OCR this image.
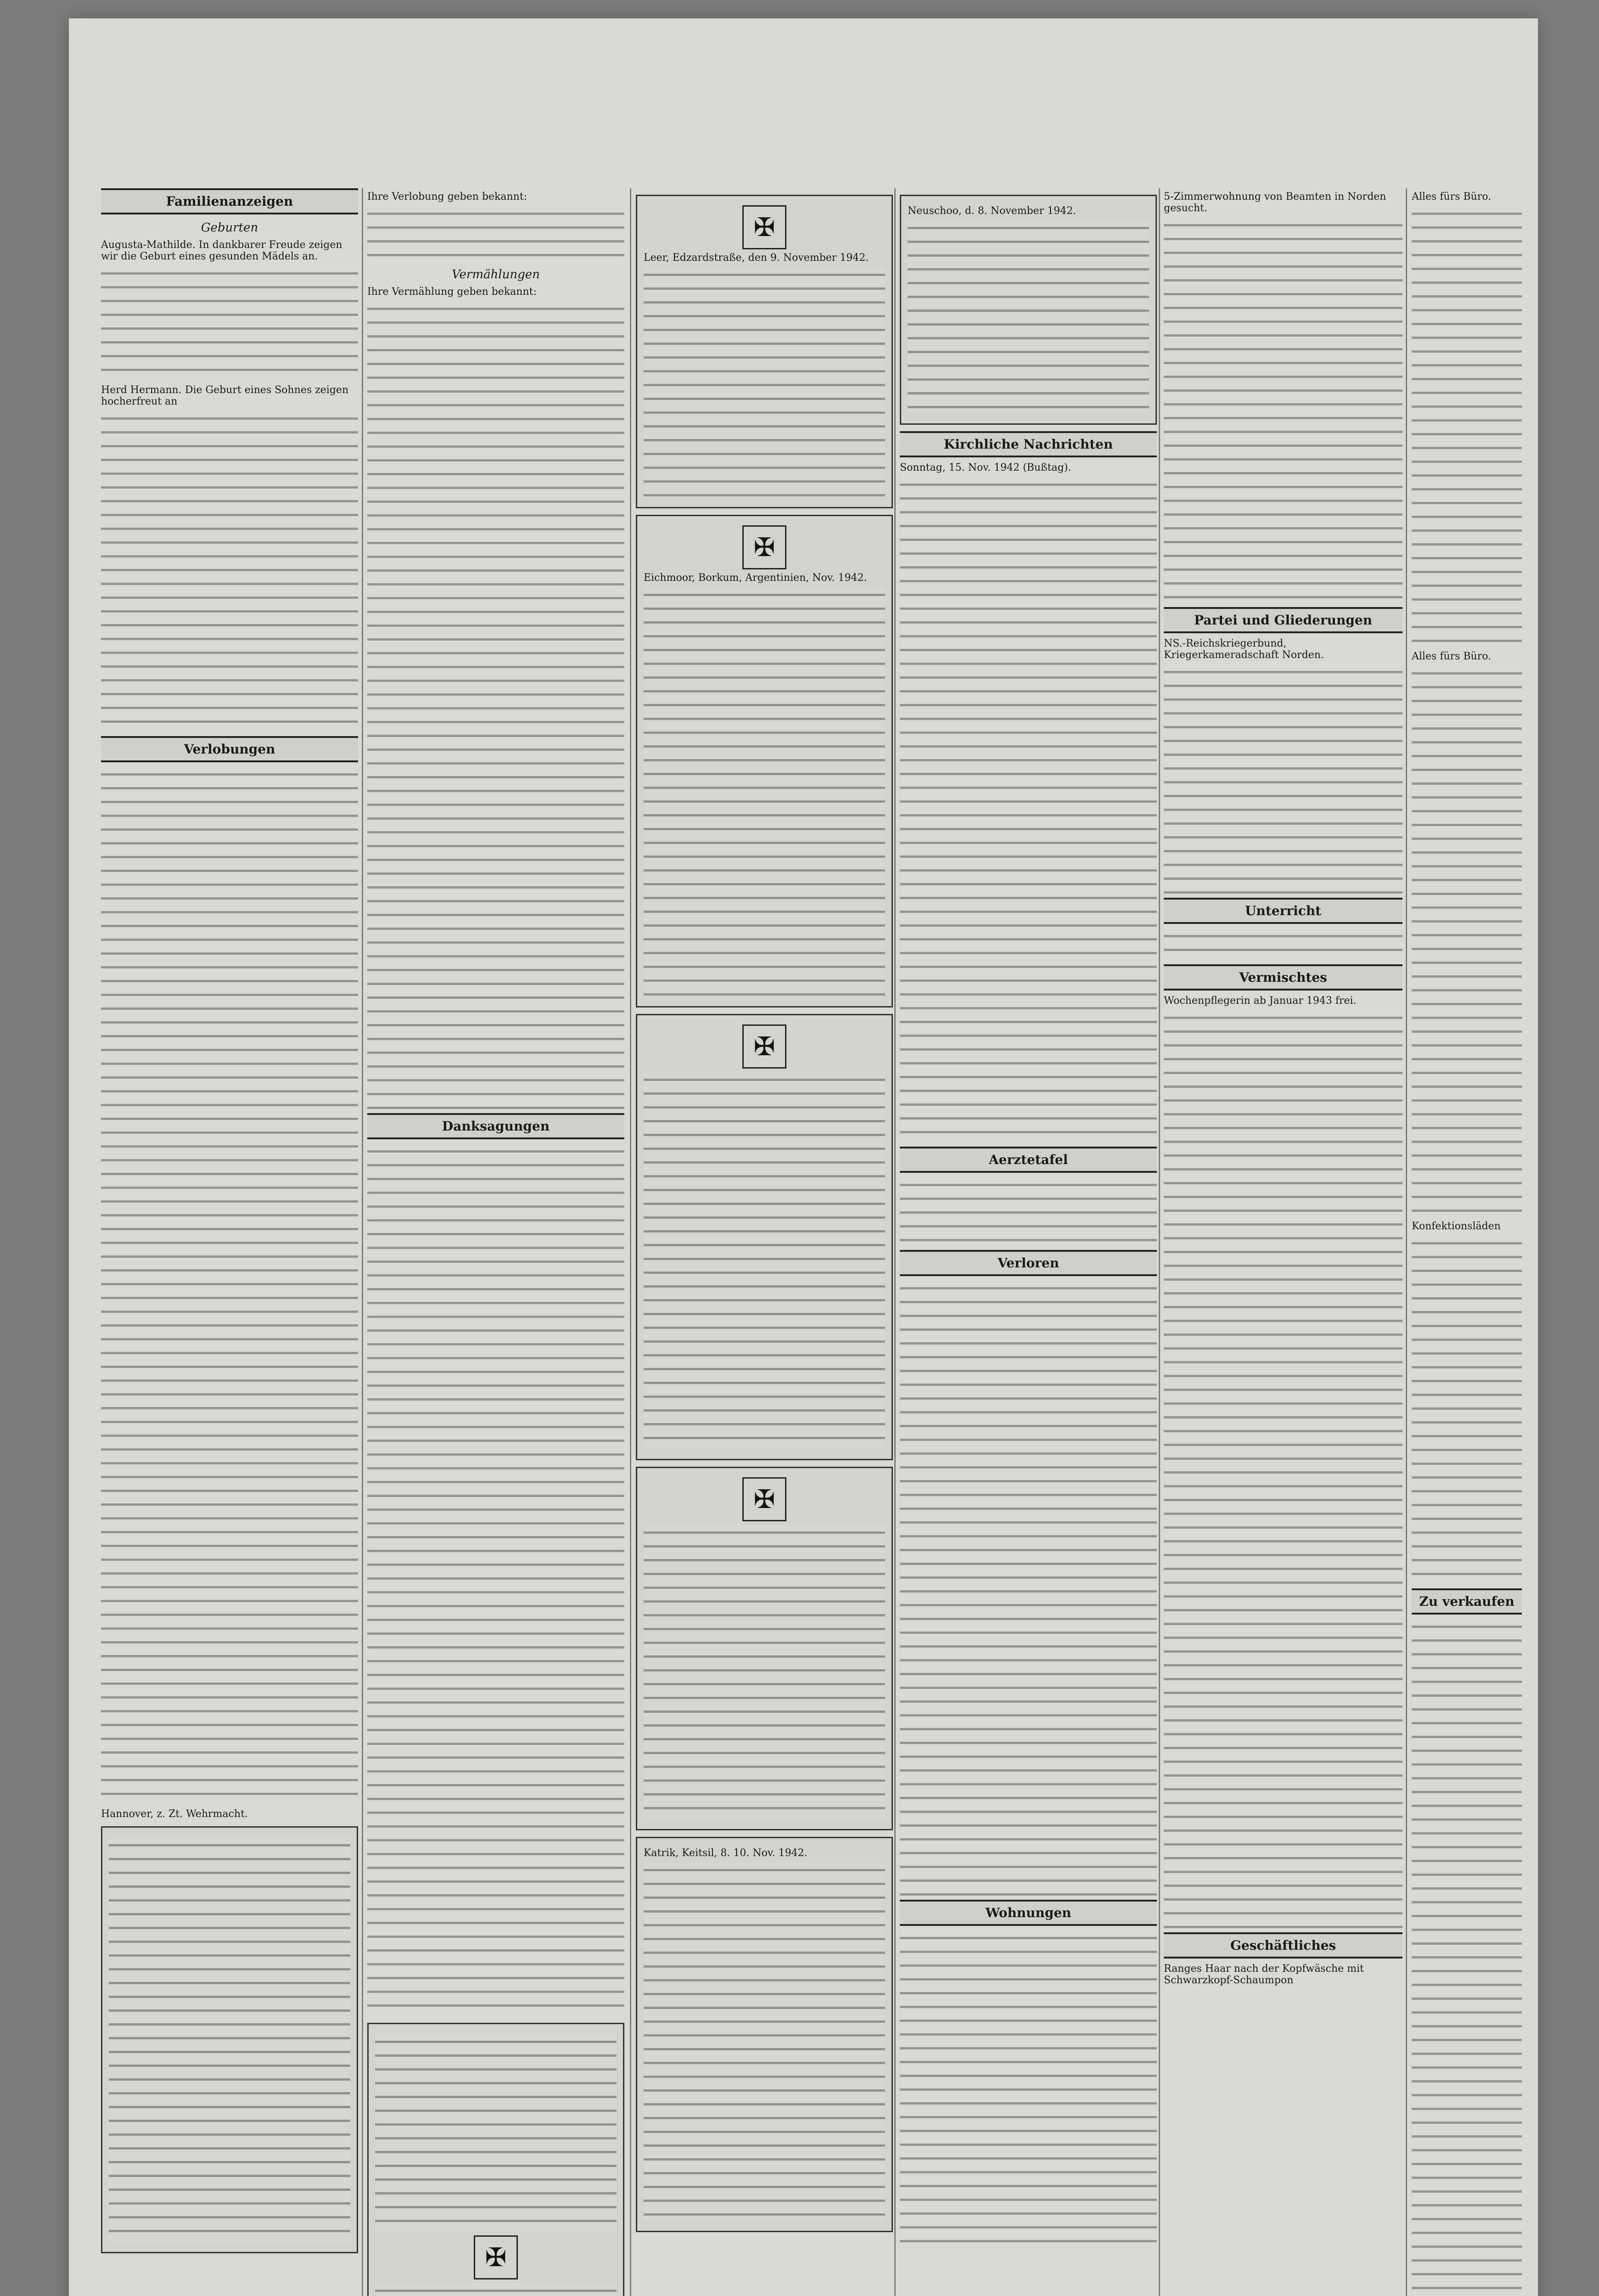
Familienanzeigen
Geburten
Augusta-Mathilde. In dankbarer Freude zeigen wir die Geburt eines gesunden Mädels an.
Herd Hermann. Die Geburt eines Sohnes zeigen hocherfreut an
Verlobungen
Hannover, z. Zt. Wehrmacht.
Ihre Verlobung geben bekannt:
Vermählungen
Ihre Vermählung geben bekannt:
Danksagungen
✠
✠
Leer, Edzardstraße, den 9. November 1942.
✠
Eichmoor, Borkum, Argentinien, Nov. 1942.
✠
✠
Katrik, Keitsil, 8. 10. Nov. 1942.
Neuschoo, d. 8. November 1942.
Kirchliche Nachrichten
Sonntag, 15. Nov. 1942 (Bußtag).
Aerztetafel
Verloren
Wohnungen
5-Zimmerwohnung von Beamten in Norden gesucht.
Partei und Gliederungen
NS.-Reichskriegerbund, Kriegerkameradschaft Norden.
Unterricht
Vermischtes
Wochenpflegerin ab Januar 1943 frei.
Geschäftliches
Ranges Haar nach der Kopfwäsche mit Schwarzkopf-Schaumpon
Alles fürs Büro.
Alles fürs Büro.
Konfektionsläden
Zu verkaufen
